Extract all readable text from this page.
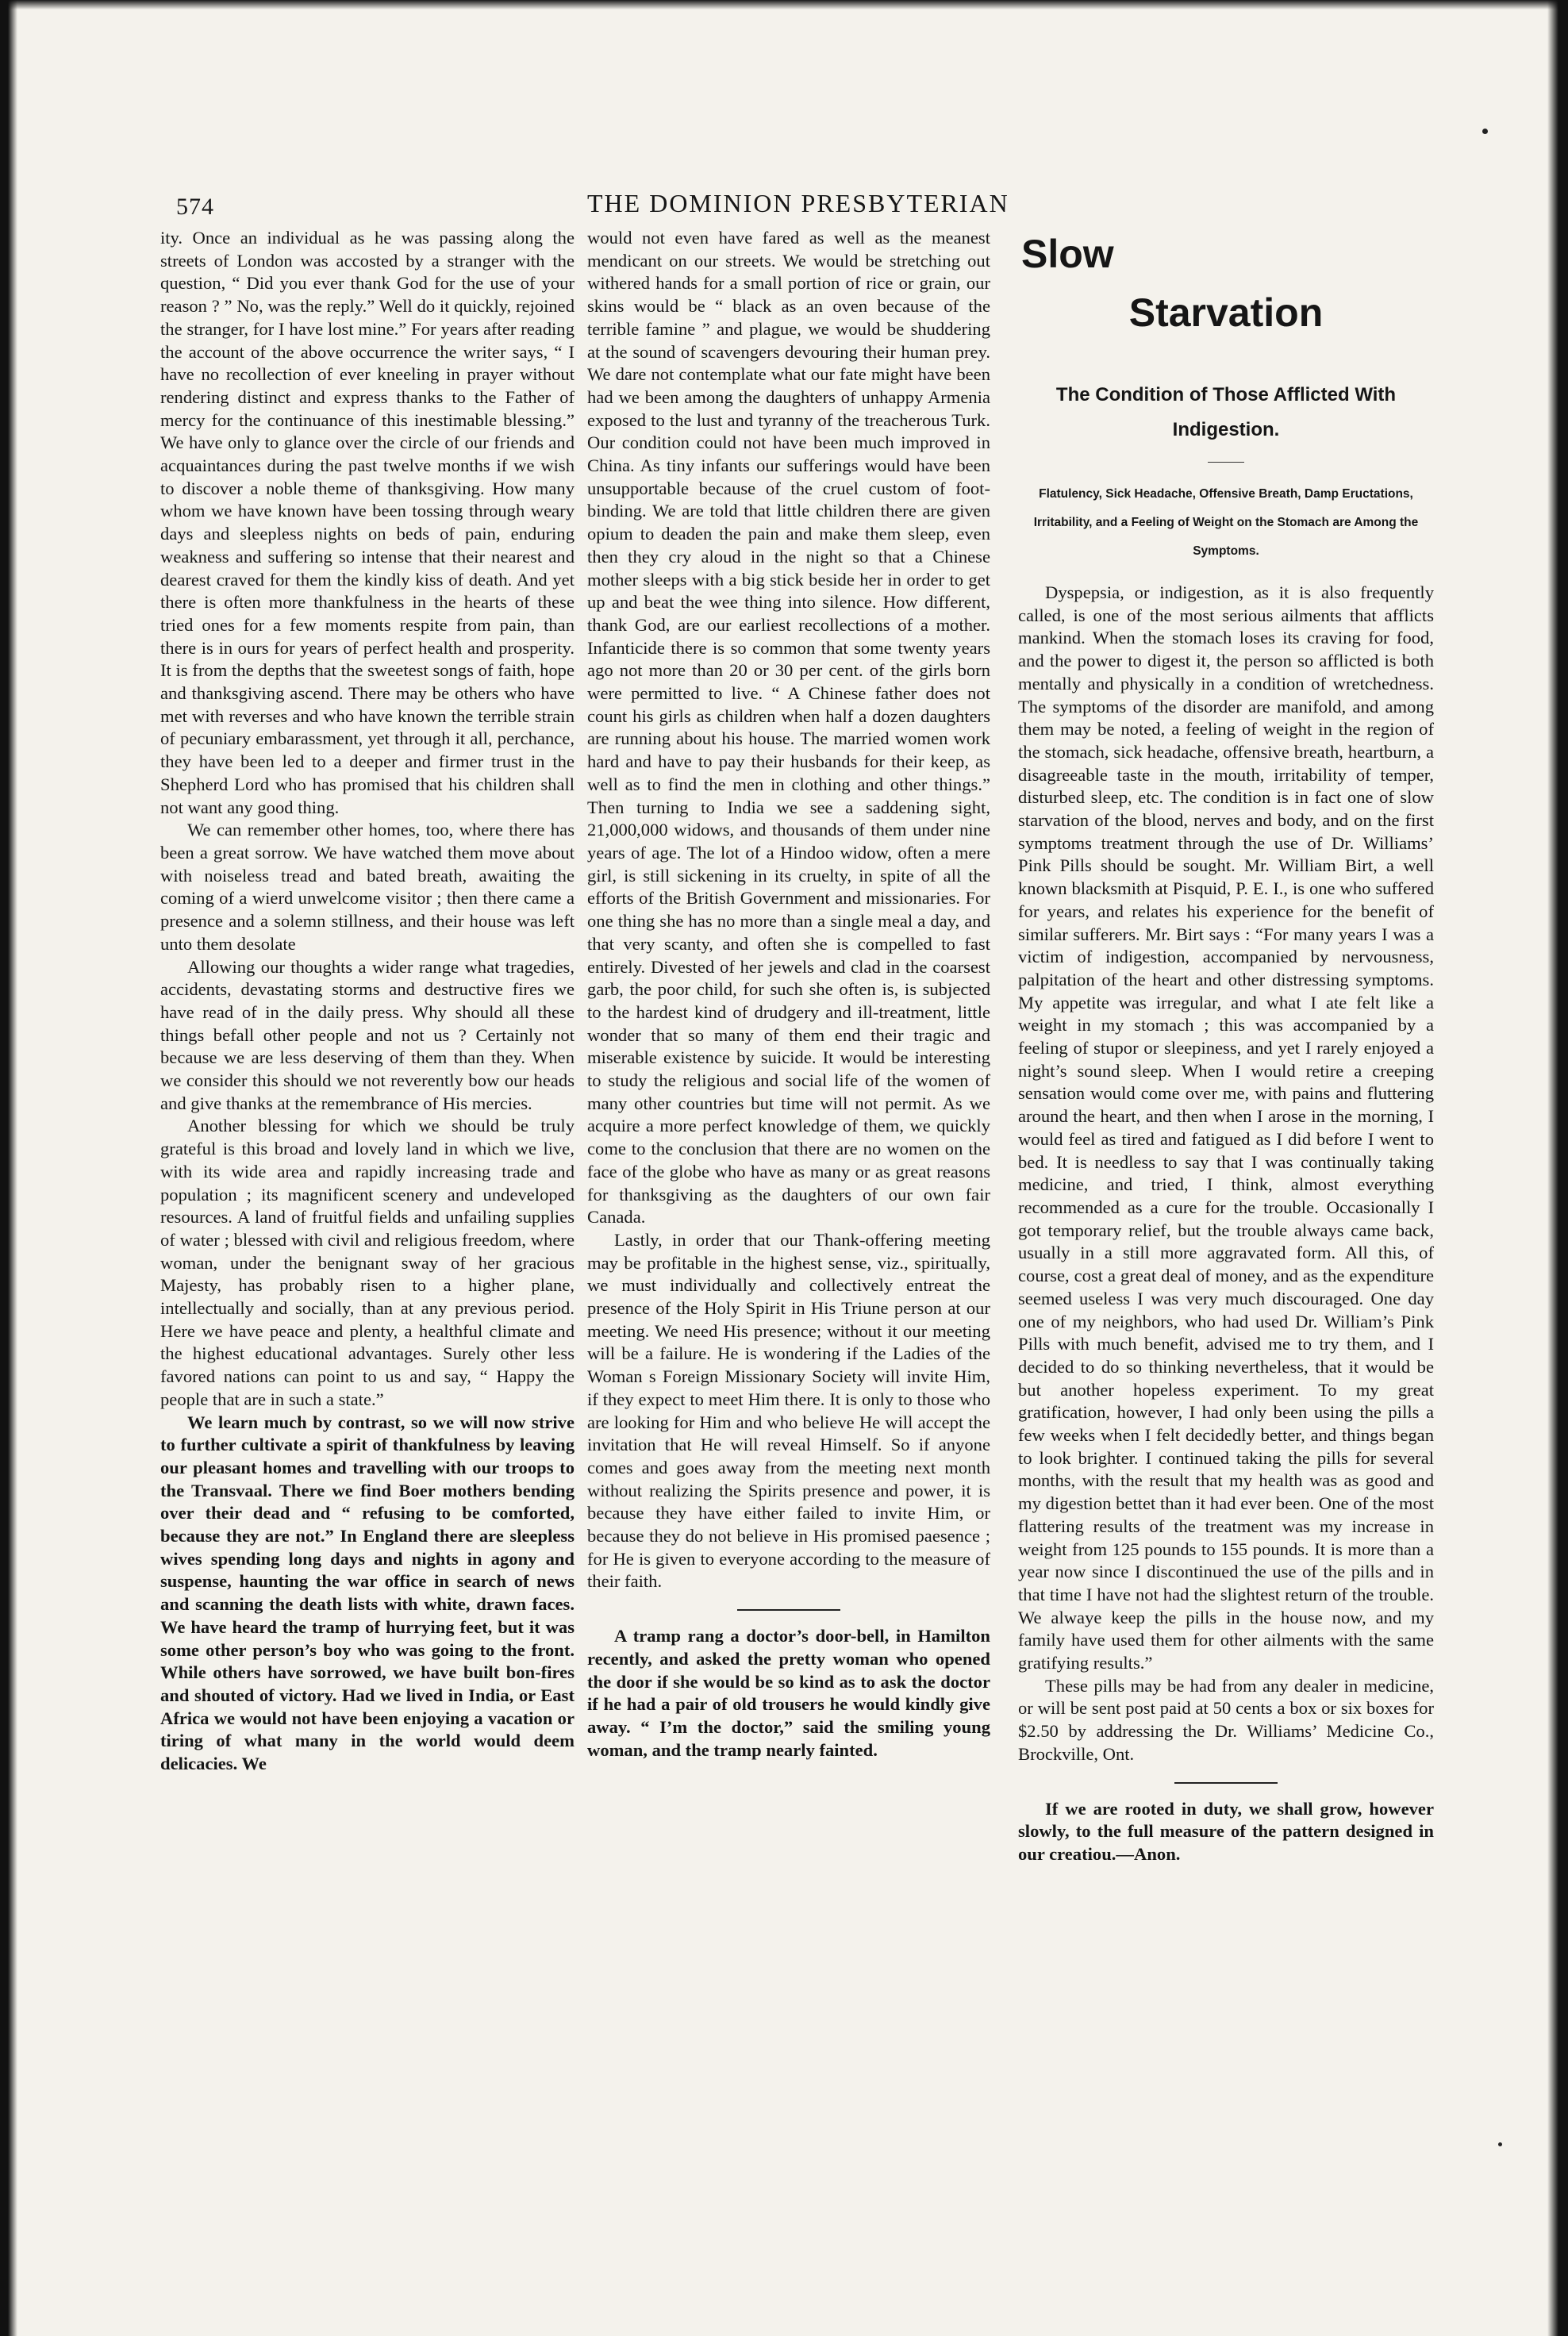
574	THE DOMINION PRESBYTERIAN

ity. Once an individual as he was passing along the streets of London was accosted by a stranger with the question, “ Did you ever thank God for the use of your reason ? ” No, was the reply.” Well do it quickly, rejoined the stranger, for I have lost mine.” For years after reading the account of the above occurrence the writer says, “ I have no recollection of ever kneeling in prayer without rendering distinct and express thanks to the Father of mercy for the continuance of this inestimable blessing.” We have only to glance over the circle of our friends and acquaintances during the past twelve months if we wish to discover a noble theme of thanksgiving. How many whom we have known have been tossing through weary days and sleepless nights on beds of pain, enduring weakness and suffering so intense that their nearest and dearest craved for them the kindly kiss of death. And yet there is often more thankfulness in the hearts of these tried ones for a few moments respite from pain, than there is in ours for years of perfect health and prosperity. It is from the depths that the sweetest songs of faith, hope and thanksgiving ascend. There may be others who have met with reverses and who have known the terrible strain of pecuniary embarassment, yet through it all, perchance, they have been led to a deeper and firmer trust in the Shepherd Lord who has promised that his children shall not want any good thing.

We can remember other homes, too, where there has been a great sorrow. We have watched them move about with noiseless tread and bated breath, awaiting the coming of a wierd unwelcome visitor ; then there came a presence and a solemn stillness, and their house was left unto them desolate

Allowing our thoughts a wider range what tragedies, accidents, devastating storms and destructive fires we have read of in the daily press. Why should all these things befall other people and not us ? Certainly not because we are less deserving of them than they. When we consider this should we not reverently bow our heads and give thanks at the remembrance of His mercies.

Another blessing for which we should be truly grateful is this broad and lovely land in which we live, with its wide area and rapidly increasing trade and population ; its magnificent scenery and undeveloped resources. A land of fruitful fields and unfailing supplies of water ; blessed with civil and religious freedom, where woman, under the benignant sway of her gracious Majesty, has probably risen to a higher plane, intellectually and socially, than at any previous period. Here we have peace and plenty, a healthful climate and the highest educational advantages. Surely other less favored nations can point to us and say, “ Happy the people that are in such a state.”

We learn much by contrast, so we will now strive to further cultivate a spirit of thankfulness by leaving our pleasant homes and travelling with our troops to the Transvaal. There we find Boer mothers bending over their dead and “ refusing to be comforted, because they are not.” In England there are sleepless wives spending long days and nights in agony and suspense, haunting the war office in search of news and scanning the death lists with white, drawn faces. We have heard the tramp of hurrying feet, but it was some other person’s boy who was going to the front. While others have sorrowed, we have built bon-fires and shouted of victory. Had we lived in India, or East Africa we would not have been enjoying a vacation or tiring of what many in the world would deem delicacies. We

would not even have fared as well as the meanest mendicant on our streets. We would be stretching out withered hands for a small portion of rice or grain, our skins would be “ black as an oven because of the terrible famine ” and plague, we would be shuddering at the sound of scavengers devouring their human prey. We dare not contemplate what our fate might have been had we been among the daughters of unhappy Armenia exposed to the lust and tyranny of the treacherous Turk. Our condition could not have been much improved in China. As tiny infants our sufferings would have been unsupportable because of the cruel custom of foot-binding. We are told that little children there are given opium to deaden the pain and make them sleep, even then they cry aloud in the night so that a Chinese mother sleeps with a big stick beside her in order to get up and beat the wee thing into silence. How different, thank God, are our earliest recollections of a mother. Infanticide there is so common that some twenty years ago not more than 20 or 30 per cent. of the girls born were permitted to live. “ A Chinese father does not count his girls as children when half a dozen daughters are running about his house. The married women work hard and have to pay their husbands for their keep, as well as to find the men in clothing and other things.” Then turning to India we see a saddening sight, 21,000,000 widows, and thousands of them under nine years of age. The lot of a Hindoo widow, often a mere girl, is still sickening in its cruelty, in spite of all the efforts of the British Government and missionaries. For one thing she has no more than a single meal a day, and that very scanty, and often she is compelled to fast entirely. Divested of her jewels and clad in the coarsest garb, the poor child, for such she often is, is subjected to the hardest kind of drudgery and ill-treatment, little wonder that so many of them end their tragic and miserable existence by suicide. It would be interesting to study the religious and social life of the women of many other countries but time will not permit. As we acquire a more perfect knowledge of them, we quickly come to the conclusion that there are no women on the face of the globe who have as many or as great reasons for thanksgiving as the daughters of our own fair Canada.

Lastly, in order that our Thank-offering meeting may be profitable in the highest sense, viz., spiritually, we must individually and collectively entreat the presence of the Holy Spirit in His Triune person at our meeting. We need His presence; without it our meeting will be a failure. He is wondering if the Ladies of the Woman s Foreign Missionary Society will invite Him, if they expect to meet Him there. It is only to those who are looking for Him and who believe He will accept the invitation that He will reveal Himself. So if anyone comes and goes away from the meeting next month without realizing the Spirits presence and power, it is because they have either failed to invite Him, or because they do not believe in His promised paesence ; for He is given to everyone according to the measure of their faith.

A tramp rang a doctor’s door-bell, in Hamilton recently, and asked the pretty woman who opened the door if she would be so kind as to ask the doctor if he had a pair of old trousers he would kindly give away. “ I’m the doctor,” said the smiling young woman, and the tramp nearly fainted.

Slow
Starvation
The Condition of Those Afflicted With Indigestion.
Flatulency, Sick Headache, Offensive Breath, Damp Eructations, Irritability, and a Feeling of Weight on the Stomach are Among the Symptoms.

Dyspepsia, or indigestion, as it is also frequently called, is one of the most serious ailments that afflicts mankind. When the stomach loses its craving for food, and the power to digest it, the person so afflicted is both mentally and physically in a condition of wretchedness. The symptoms of the disorder are manifold, and among them may be noted, a feeling of weight in the region of the stomach, sick headache, offensive breath, heartburn, a disagreeable taste in the mouth, irritability of temper, disturbed sleep, etc. The condition is in fact one of slow starvation of the blood, nerves and body, and on the first symptoms treatment through the use of Dr. Williams’ Pink Pills should be sought. Mr. William Birt, a well known blacksmith at Pisquid, P. E. I., is one who suffered for years, and relates his experience for the benefit of similar sufferers. Mr. Birt says : “For many years I was a victim of indigestion, accompanied by nervousness, palpitation of the heart and other distressing symptoms. My appetite was irregular, and what I ate felt like a weight in my stomach ; this was accompanied by a feeling of stupor or sleepiness, and yet I rarely enjoyed a night’s sound sleep. When I would retire a creeping sensation would come over me, with pains and fluttering around the heart, and then when I arose in the morning, I would feel as tired and fatigued as I did before I went to bed. It is needless to say that I was continually taking medicine, and tried, I think, almost everything recommended as a cure for the trouble. Occasionally I got temporary relief, but the trouble always came back, usually in a still more aggravated form. All this, of course, cost a great deal of money, and as the expenditure seemed useless I was very much discouraged. One day one of my neighbors, who had used Dr. William’s Pink Pills with much benefit, advised me to try them, and I decided to do so thinking nevertheless, that it would be but another hopeless experiment. To my great gratification, however, I had only been using the pills a few weeks when I felt decidedly better, and things began to look brighter. I continued taking the pills for several months, with the result that my health was as good and my digestion bettet than it had ever been. One of the most flattering results of the treatment was my increase in weight from 125 pounds to 155 pounds. It is more than a year now since I discontinued the use of the pills and in that time I have not had the slightest return of the trouble. We alwaye keep the pills in the house now, and my family have used them for other ailments with the same gratifying results.”

These pills may be had from any dealer in medicine, or will be sent post paid at 50 cents a box or six boxes for $2.50 by addressing the Dr. Williams’ Medicine Co., Brockville, Ont.

If we are rooted in duty, we shall grow, however slowly, to the full measure of the pattern designed in our creatiou.—Anon.
